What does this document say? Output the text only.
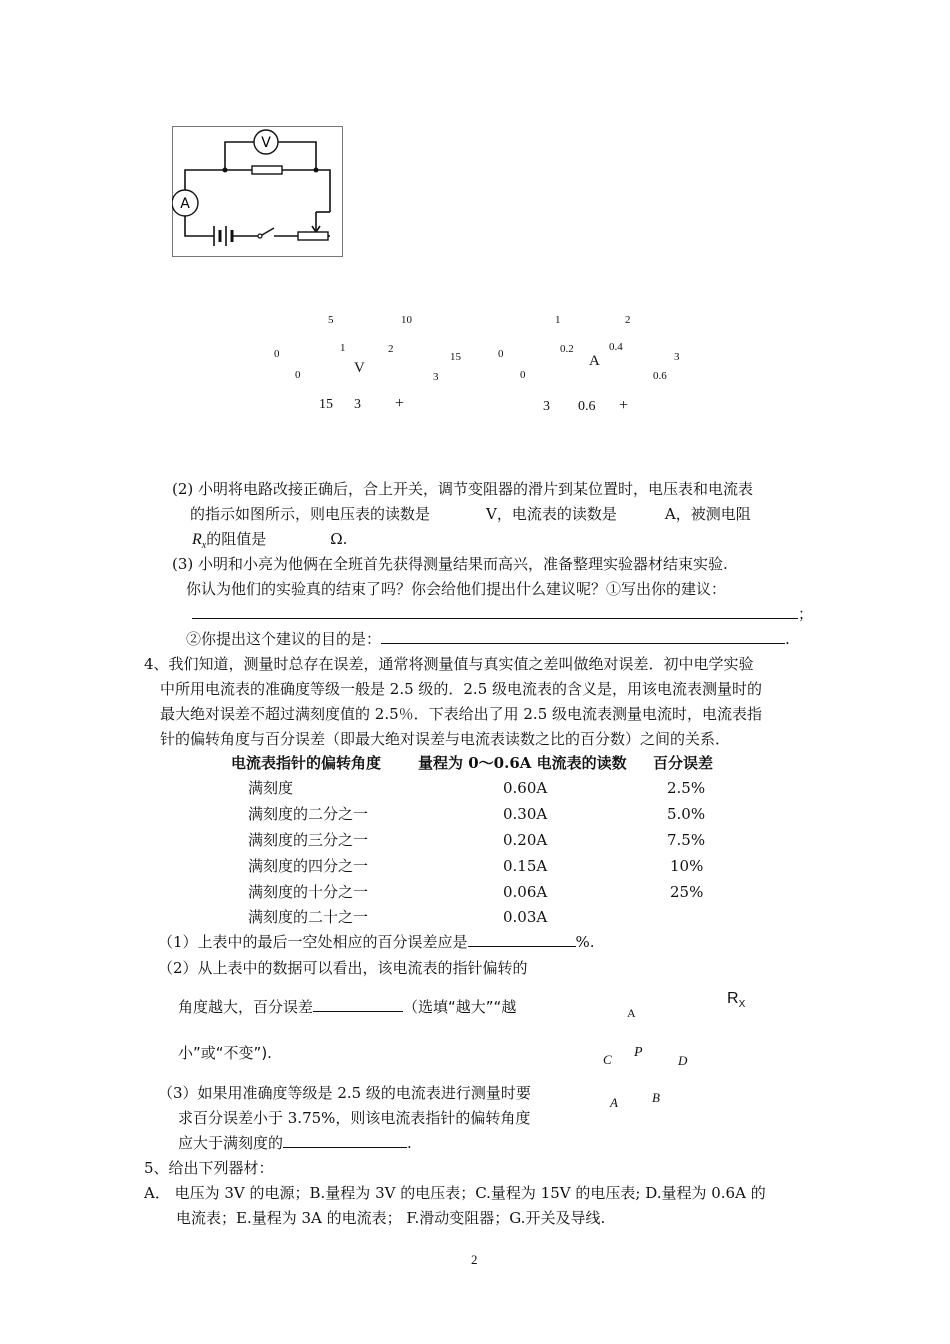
V
A
5	10
15
1	2
3
0
0	V
15 3 +
1	2
3
0.2	0.4
0.6
0
0
A
3 0.6 +
(2) 小明将电路改接正确后，合上开关，调节变阻器的滑片到某位置时，电压表和电流表
的指示如图所示，则电压表的读数是	V，电流表的读数是	A，被测电阻
$R_x$的阻值是	Ω.
(3) 小明和小亮为他俩在全班首先获得测量结果而高兴，准备整理实验器材结束实验.
你认为他们的实验真的结束了吗？你会给他们提出什么建议呢？①写出你的建议：
；
②你提出这个建议的目的是：	.
4、我们知道，测量时总存在误差，通常将测量值与真实值之差叫做绝对误差．初中电学实验
中所用电流表的准确度等级一般是 2.5 级的．2.5 级电流表的含义是，用该电流表测量时的
最大绝对误差不超过满刻度值的 2.5％．下表给出了用 2.5 级电流表测量电流时，电流表指
针的偏转角度与百分误差（即最大绝对误差与电流表读数之比的百分数）之间的关系．
电流表指针的偏转角度 量程为 0～0.6A 电流表的读数 百分误差
满刻度	0.60A	2.5%
满刻度的二分之一	0.30A	5.0%
满刻度的三分之一	0.20A	7.5%
满刻度的四分之一	0.15A	10%
满刻度的十分之一	0.06A	25%
满刻度的二十之一	0.03A
（1）上表中的最后一空处相应的百分误差应是	%.
（2）从上表中的数据可以看出，该电流表的指针偏转的
角度越大，百分误差	（选填“越大”“越
小”或“不变”).
（3）如果用准确度等级是 2.5 级的电流表进行测量时要
求百分误差小于 3.75%，则该电流表指针的偏转角度
应大于满刻度的	.
$R_X$
A
C P
D
A	B
5、给出下列器材：
A． 电压为 3V 的电源；B.量程为 3V 的电压表；C.量程为 15V 的电压表; D.量程为 0.6A 的
电流表；E.量程为 3A 的电流表； F.滑动变阻器；G.开关及导线.
2
